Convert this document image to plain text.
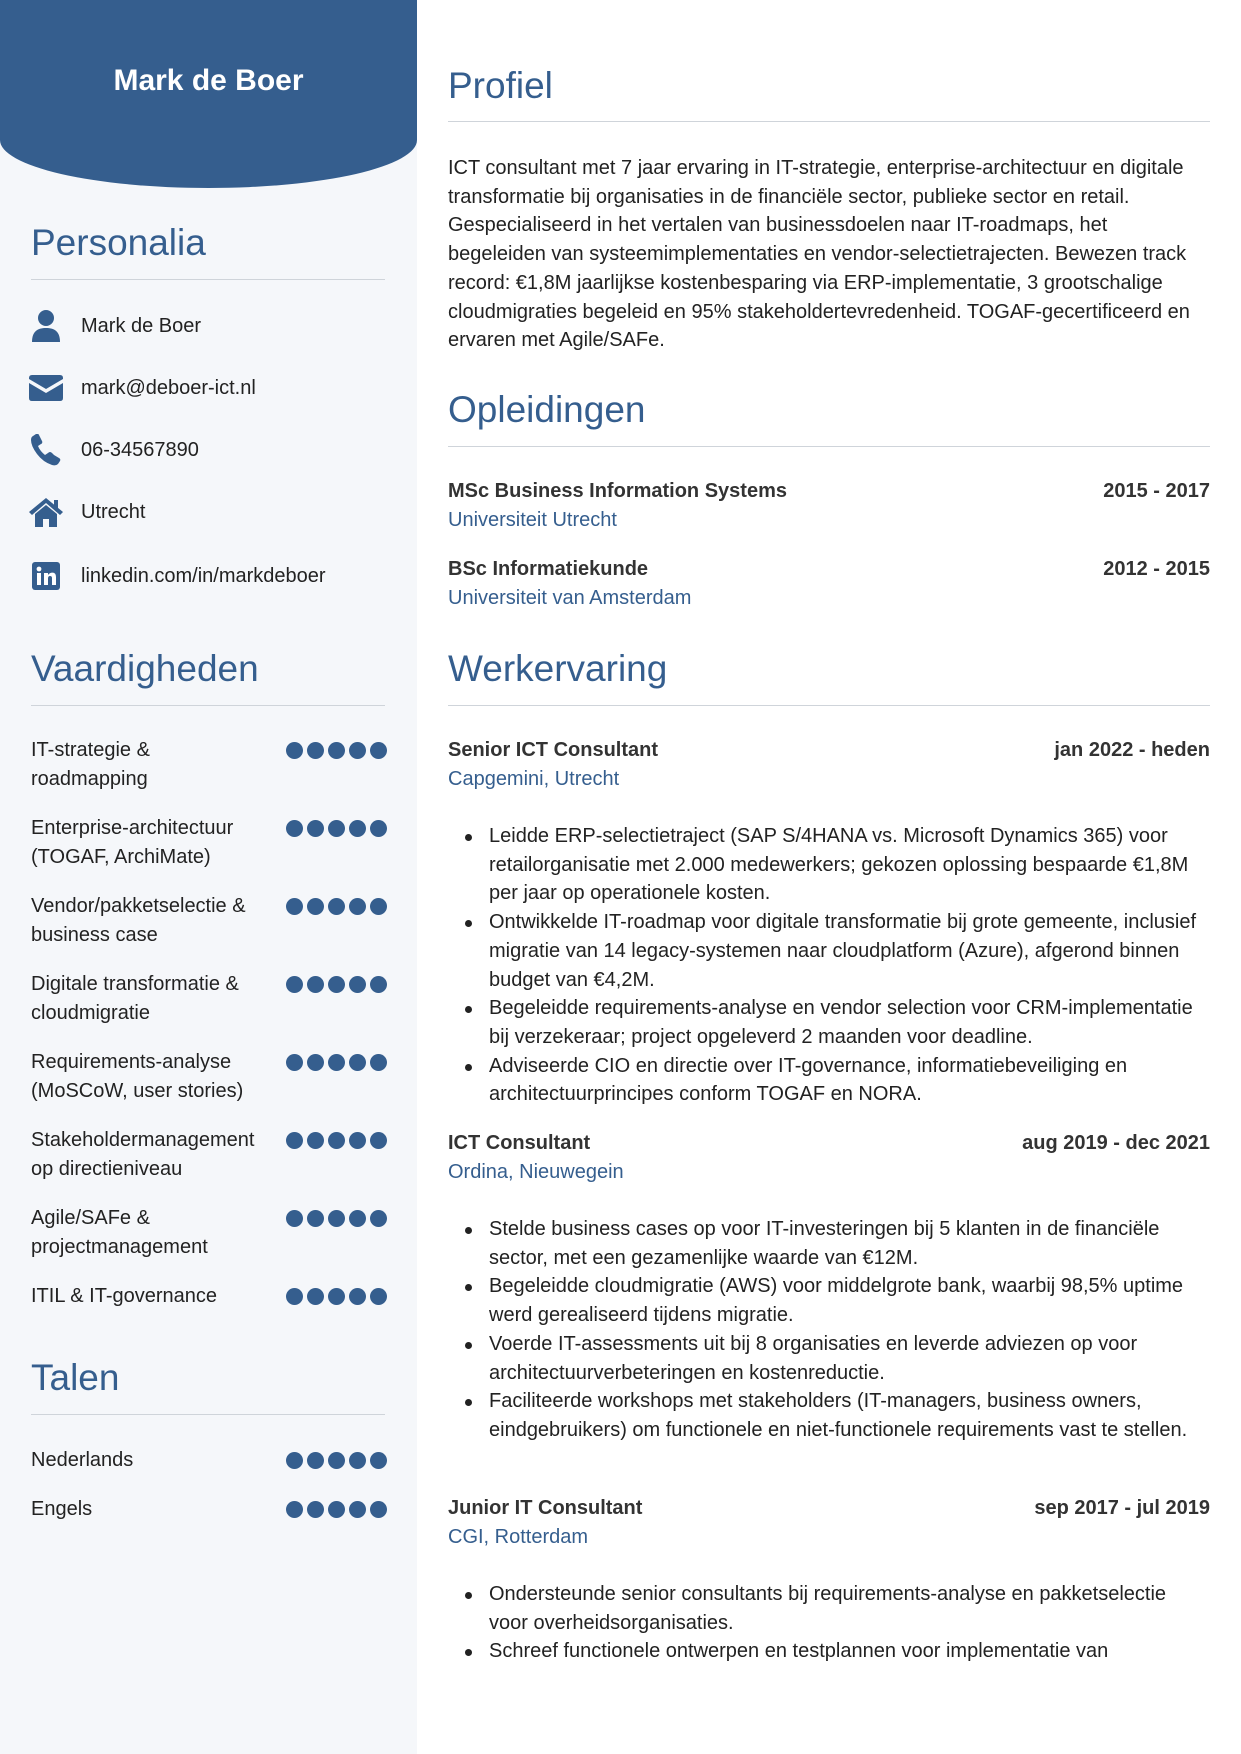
Mark de Boer
Personalia
Mark de Boer
mark@deboer-ict.nl
06-34567890
Utrecht
linkedin.com/in/markdeboer
Vaardigheden
IT-strategie & roadmapping
Enterprise-architectuur (TOGAF, ArchiMate)
Vendor/pakketselectie & business case
Digitale transformatie & cloudmigratie
Requirements-analyse (MoSCoW, user stories)
Stakeholdermanagement op directieniveau
Agile/SAFe & projectmanagement
ITIL & IT-governance
Talen
Nederlands
Engels
Profiel
ICT consultant met 7 jaar ervaring in IT-strategie, enterprise-architectuur en digitale transformatie bij organisaties in de financiële sector, publieke sector en retail. Gespecialiseerd in het vertalen van businessdoelen naar IT-roadmaps, het begeleiden van systeemimplementaties en vendor-selectietrajecten. Bewezen track record: €1,8M jaarlijkse kostenbesparing via ERP-implementatie, 3 grootschalige cloudmigraties begeleid en 95% stakeholdertevredenheid. TOGAF-gecertificeerd en ervaren met Agile/SAFe.
Opleidingen
MSc Business Information Systems	2015 - 2017
Universiteit Utrecht
BSc Informatiekunde	2012 - 2015
Universiteit van Amsterdam
Werkervaring
Senior ICT Consultant	jan 2022 - heden
Capgemini, Utrecht
Leidde ERP-selectietraject (SAP S/4HANA vs. Microsoft Dynamics 365) voor retailorganisatie met 2.000 medewerkers; gekozen oplossing bespaarde €1,8M per jaar op operationele kosten.
Ontwikkelde IT-roadmap voor digitale transformatie bij grote gemeente, inclusief migratie van 14 legacy-systemen naar cloudplatform (Azure), afgerond binnen budget van €4,2M.
Begeleidde requirements-analyse en vendor selection voor CRM-implementatie bij verzekeraar; project opgeleverd 2 maanden voor deadline.
Adviseerde CIO en directie over IT-governance, informatiebeveiliging en architectuurprincipes conform TOGAF en NORA.
ICT Consultant	aug 2019 - dec 2021
Ordina, Nieuwegein
Stelde business cases op voor IT-investeringen bij 5 klanten in de financiële sector, met een gezamenlijke waarde van €12M.
Begeleidde cloudmigratie (AWS) voor middelgrote bank, waarbij 98,5% uptime werd gerealiseerd tijdens migratie.
Voerde IT-assessments uit bij 8 organisaties en leverde adviezen op voor architectuurverbeteringen en kostenreductie.
Faciliteerde workshops met stakeholders (IT-managers, business owners, eindgebruikers) om functionele en niet-functionele requirements vast te stellen.
Junior IT Consultant	sep 2017 - jul 2019
CGI, Rotterdam
Ondersteunde senior consultants bij requirements-analyse en pakketselectie voor overheidsorganisaties.
Schreef functionele ontwerpen en testplannen voor implementatie van
